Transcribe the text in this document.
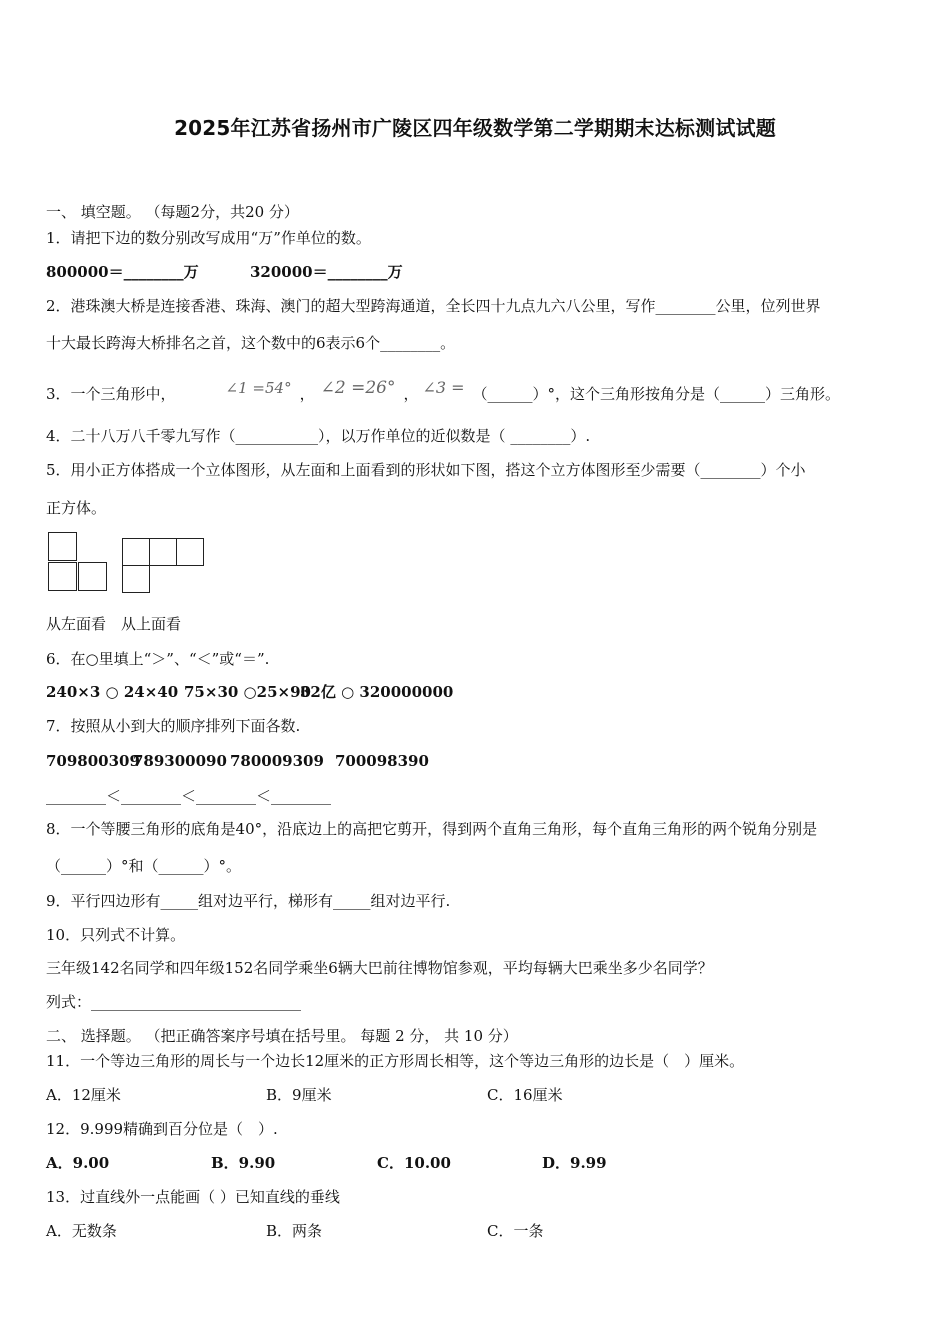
2025年江苏省扬州市广陵区四年级数学第二学期期末达标测试试题
一、 填空题。 （每题2分，共20 分）
1．请把下边的数分别改写成用“万”作单位的数。
800000＝________万	320000＝________万
2．港珠澳大桥是连接香港、珠海、澳门的超大型跨海通道，全长四十九点九六八公里，写作________公里，位列世界
十大最长跨海大桥排名之首，这个数中的6表示6个________。
3．一个三角形中，	∠1 =54° ， ∠2 =26° ， ∠3 = （______）°，这个三角形按角分是（______）三角形。
4．二十八万八千零九写作（___________），以万作单位的近似数是（ ________）.
5．用小正方体搭成一个立体图形，从左面和上面看到的形状如下图，搭这个立方体图形至少需要（________）个小
正方体。
从左面看　从上面看
6．在○里填上“＞”、“＜”或“＝”.
240×3 ○ 24×40 75×30 ○25×90
32亿 ○ 320000000
7．按照从小到大的顺序排列下面各数.
709800309
789300090 780009309 700098390
________＜________＜________＜________
8．一个等腰三角形的底角是40°，沿底边上的高把它剪开，得到两个直角三角形，每个直角三角形的两个锐角分别是
（______）°和（______）°。
9．平行四边形有_____组对边平行，梯形有_____组对边平行.
10．只列式不计算。
三年级142名同学和四年级152名同学乘坐6辆大巴前往博物馆参观，平均每辆大巴乘坐多少名同学？
列式：____________________________
二、 选择题。 （把正确答案序号填在括号里。 每题 2 分， 共 10 分）
11．一个等边三角形的周长与一个边长12厘米的正方形周长相等，这个等边三角形的边长是（　）厘米。
A．12厘米	B．9厘米	C．16厘米
12．9.999精确到百分位是（　）.
A．9.00	B．9.90	C．10.00	D．9.99
13．过直线外一点能画（ ）已知直线的垂线
A．无数条	B．两条	C．一条
